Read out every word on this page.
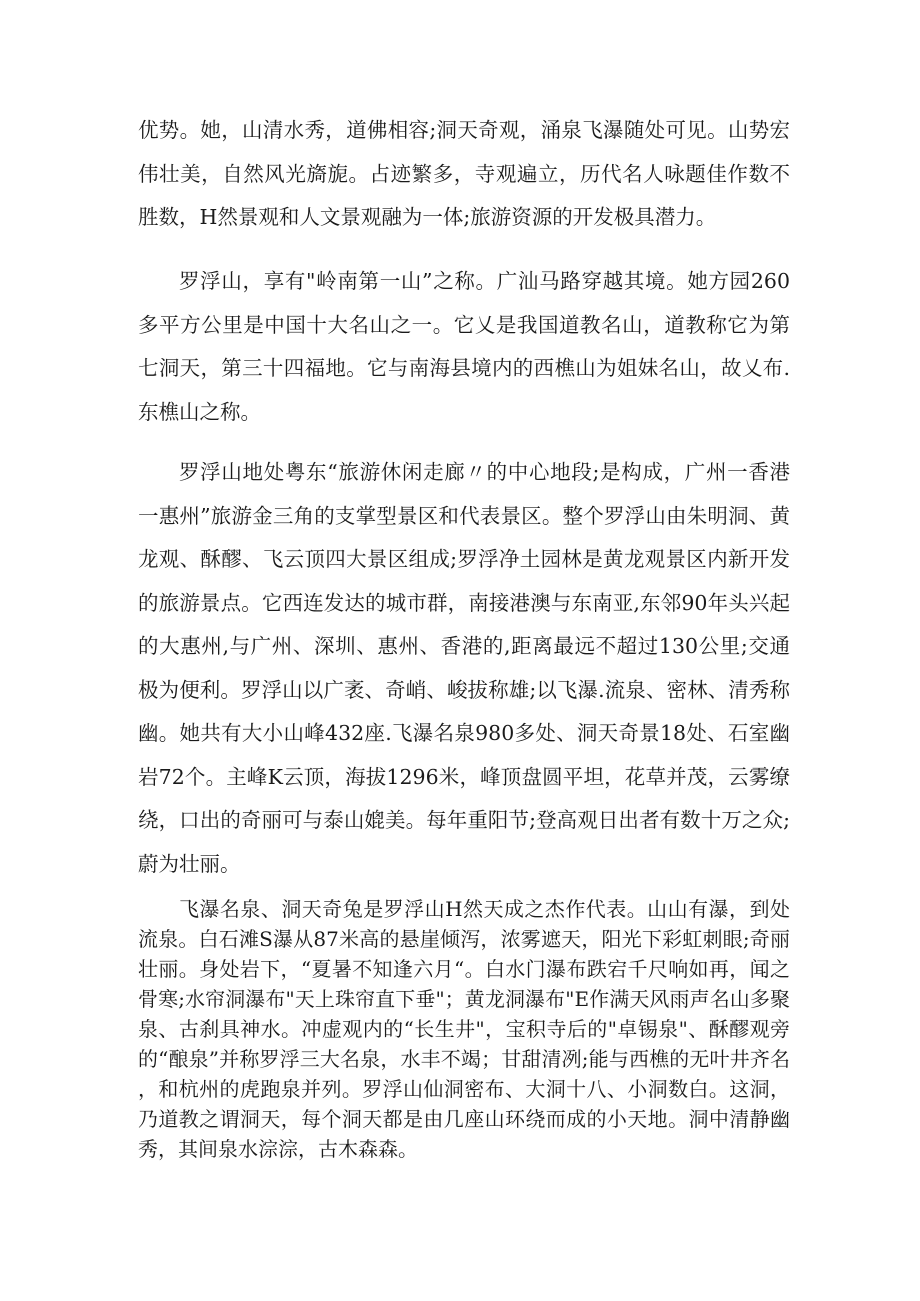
优势。她，山清水秀，道佛相容;洞天奇观，涌泉飞瀑随处可见。山势宏伟壮美，自然风光旖旎。占迹繁多，寺观遍立，历代名人咏题佳作数不胜数，H然景观和人文景观融为一体;旅游资源的开发极具潜力。

罗浮山，享有"岭南第一山”之称。广汕马路穿越其境。她方园260多平方公里是中国十大名山之一。它乂是我国道教名山，道教称它为第七洞天，第三十四福地。它与南海县境内的西樵山为姐妹名山，故乂布.东樵山之称。

罗浮山地处粤东“旅游休闲走廊〃的中心地段;是构成，广州一香港一惠州”旅游金三角的支掌型景区和代表景区。整个罗浮山由朱明洞、黄龙观、酥醪、飞云顶四大景区组成;罗浮净土园林是黄龙观景区内新开发的旅游景点。它西连发达的城市群，南接港澳与东南亚,东邻90年头兴起的大惠州,与广州、深圳、惠州、香港的,距离最远不超过130公里;交通极为便利。罗浮山以广袤、奇峭、峻拔称雄;以飞瀑.流泉、密林、清秀称幽。她共有大小山峰432座.飞瀑名泉980多处、洞天奇景18处、石室幽岩72个。主峰K云顶，海拔1296米，峰顶盘圆平坦，花草并茂，云雾缭绕，口出的奇丽可与泰山媲美。每年重阳节;登高观日出者有数十万之众;蔚为壮丽。

飞瀑名泉、洞天奇兔是罗浮山H然天成之杰作代表。山山有瀑，到处流泉。白石滩S瀑从87米高的悬崖倾泻，浓雾遮天，阳光下彩虹刺眼;奇丽壮丽。身处岩下，“夏暑不知逢六月“。白水门瀑布跌宕千尺响如再，闻之骨寒;水帘洞瀑布"天上珠帘直下垂"；黄龙洞瀑布"E作满天风雨声名山多聚泉、古刹具神水。冲虚观内的“长生井"，宝积寺后的"卓锡泉"、酥醪观旁的“酿泉”并称罗浮三大名泉，水丰不竭；甘甜清冽;能与西樵的无叶井齐名，和杭州的虎跑泉并列。罗浮山仙洞密布、大洞十八、小洞数白。这洞，乃道教之谓洞天，每个洞天都是由几座山环绕而成的小天地。洞中清静幽秀，其间泉水淙淙，古木森森。
